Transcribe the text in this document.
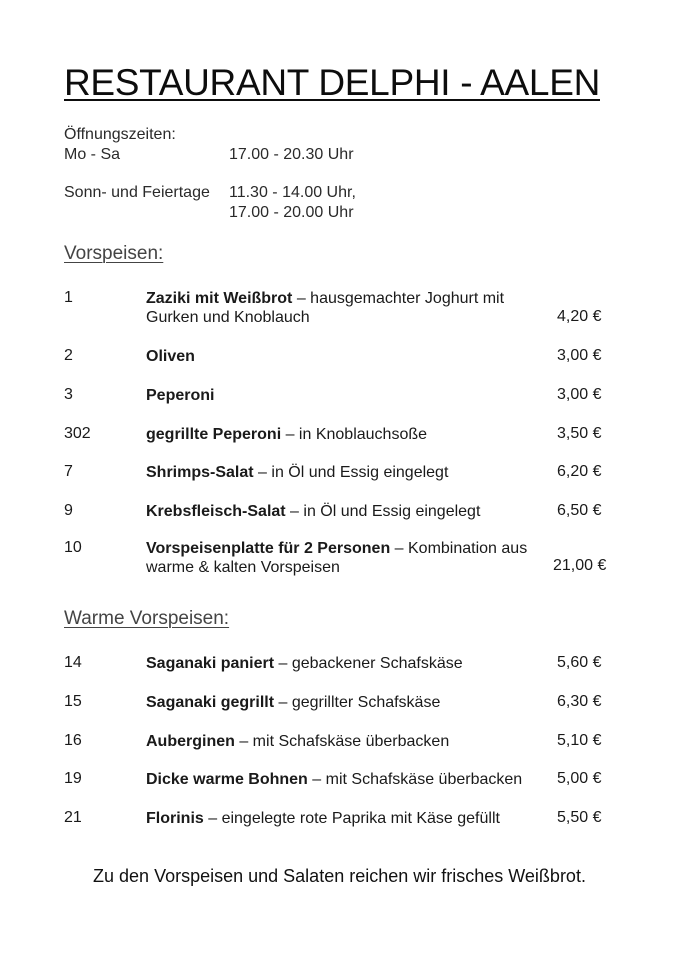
RESTAURANT DELPHI - AALEN
Öffnungszeiten:
Mo - Sa	17.00 - 20.30 Uhr
Sonn- und Feiertage 11.30 - 14.00 Uhr,
17.00 - 20.00 Uhr
Vorspeisen:
Warme Vorspeisen:
Zu den Vorspeisen und Salaten reichen wir frisches Weißbrot.
1	Zaziki mit Weißbrot – hausgemachter Joghurt mit
Gurken und Knoblauch	4,20 €
2	Oliven	3,00 €
3	Peperoni	3,00 €
302	gegrillte Peperoni – in Knoblauchsoße	3,50 €
7	Shrimps-Salat – in Öl und Essig eingelegt	6,20 €
9	Krebsfleisch-Salat – in Öl und Essig eingelegt	6,50 €
10	Vorspeisenplatte für 2 Personen – Kombination aus
warme & kalten Vorspeisen	21,00 €
14	Saganaki paniert – gebackener Schafskäse	5,60 €
15	Saganaki gegrillt – gegrillter Schafskäse	6,30 €
16	Auberginen – mit Schafskäse überbacken	5,10 €
19	Dicke warme Bohnen – mit Schafskäse überbacken 5,00 €
21	Florinis – eingelegte rote Paprika mit Käse gefüllt	5,50 €
